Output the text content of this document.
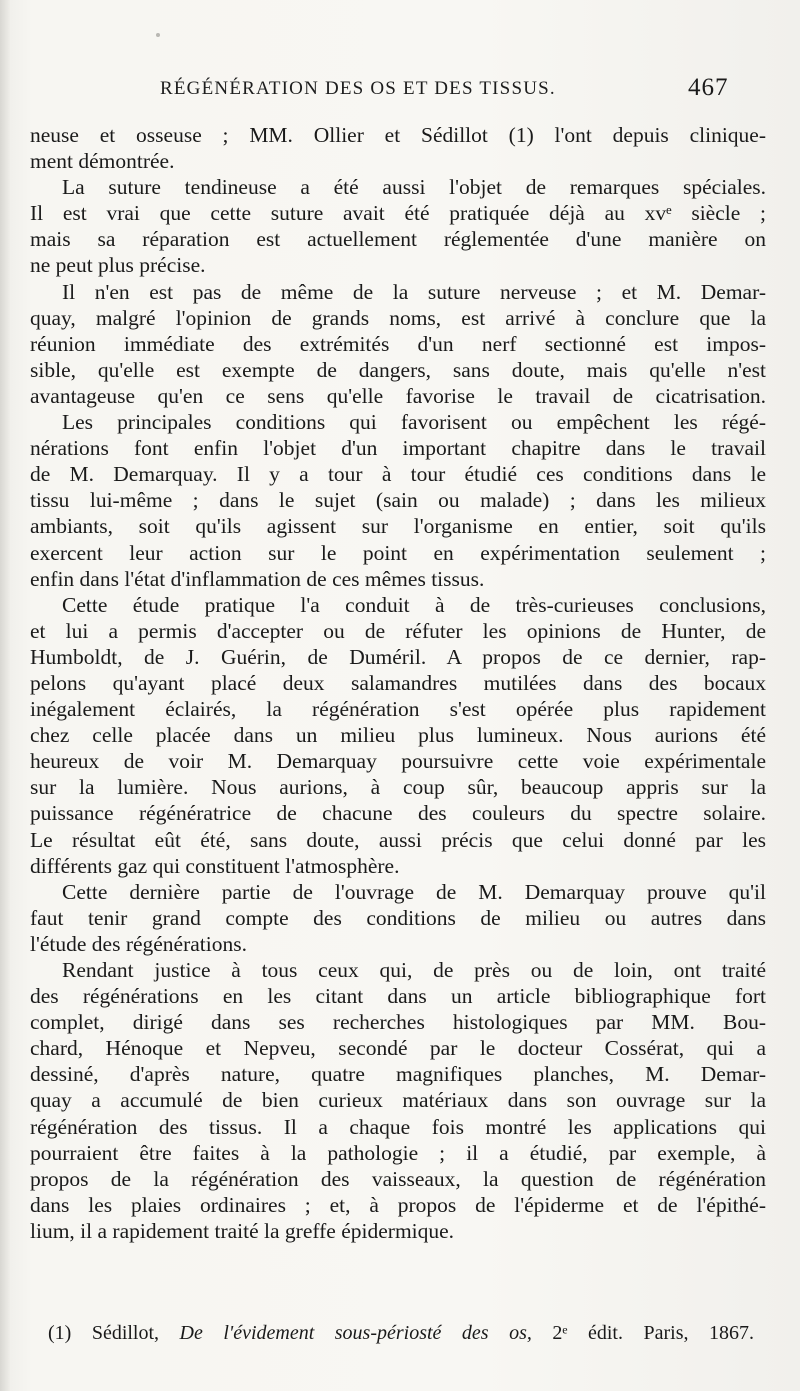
RÉGÉNÉRATION DES OS ET DES TISSUS.	467
neuse et osseuse ; MM. Ollier et Sédillot (1) l'ont depuis clinique-
ment démontrée.
La suture tendineuse a été aussi l'objet de remarques spéciales.
Il est vrai que cette suture avait été pratiquée déjà au xvᵉ siècle ;
mais sa réparation est actuellement réglementée d'une manière on
ne peut plus précise.
Il n'en est pas de même de la suture nerveuse ; et M. Demar-
quay, malgré l'opinion de grands noms, est arrivé à conclure que la
réunion immédiate des extrémités d'un nerf sectionné est impos-
sible, qu'elle est exempte de dangers, sans doute, mais qu'elle n'est
avantageuse qu'en ce sens qu'elle favorise le travail de cicatrisation.
Les principales conditions qui favorisent ou empêchent les régé-
nérations font enfin l'objet d'un important chapitre dans le travail
de M. Demarquay. Il y a tour à tour étudié ces conditions dans le
tissu lui-même ; dans le sujet (sain ou malade) ; dans les milieux
ambiants, soit qu'ils agissent sur l'organisme en entier, soit qu'ils
exercent leur action sur le point en expérimentation seulement ;
enfin dans l'état d'inflammation de ces mêmes tissus.
Cette étude pratique l'a conduit à de très-curieuses conclusions,
et lui a permis d'accepter ou de réfuter les opinions de Hunter, de
Humboldt, de J. Guérin, de Duméril. A propos de ce dernier, rap-
pelons qu'ayant placé deux salamandres mutilées dans des bocaux
inégalement éclairés, la régénération s'est opérée plus rapidement
chez celle placée dans un milieu plus lumineux. Nous aurions été
heureux de voir M. Demarquay poursuivre cette voie expérimentale
sur la lumière. Nous aurions, à coup sûr, beaucoup appris sur la
puissance régénératrice de chacune des couleurs du spectre solaire.
Le résultat eût été, sans doute, aussi précis que celui donné par les
différents gaz qui constituent l'atmosphère.
Cette dernière partie de l'ouvrage de M. Demarquay prouve qu'il
faut tenir grand compte des conditions de milieu ou autres dans
l'étude des régénérations.
Rendant justice à tous ceux qui, de près ou de loin, ont traité
des régénérations en les citant dans un article bibliographique fort
complet, dirigé dans ses recherches histologiques par MM. Bou-
chard, Hénoque et Nepveu, secondé par le docteur Cossérat, qui a
dessiné, d'après nature, quatre magnifiques planches, M. Demar-
quay a accumulé de bien curieux matériaux dans son ouvrage sur la
régénération des tissus. Il a chaque fois montré les applications qui
pourraient être faites à la pathologie ; il a étudié, par exemple, à
propos de la régénération des vaisseaux, la question de régénération
dans les plaies ordinaires ; et, à propos de l'épiderme et de l'épithé-
lium, il a rapidement traité la greffe épidermique.
(1) Sédillot, De l'évidement sous-périosté des os, 2ᵉ édit. Paris, 1867.
